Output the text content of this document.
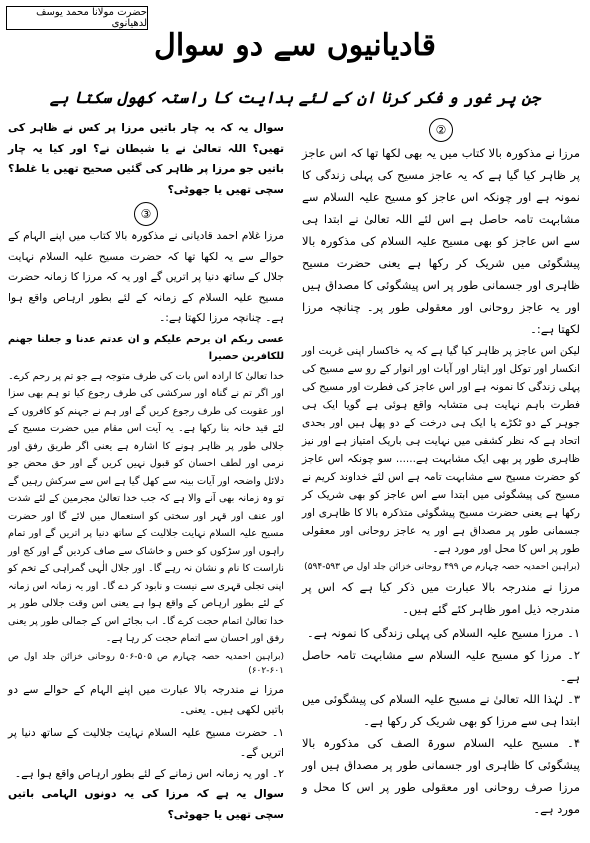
حضرت مولانا محمد یوسف لدھیانوی
قادیانیوں سے دو سوال
جن پر غور و فکر کرنا ان کے لئے ہدایت کا راستہ کھول سکتا ہے
②

مرزا نے مذکورہ بالا کتاب میں یہ بھی لکھا تھا کہ اس عاجز پر ظاہر کیا گیا ہے کہ یہ عاجز مسیح کی پہلی زندگی کا نمونہ ہے اور چونکہ اس عاجز کو مسیح علیہ السلام سے مشابہت تامہ حاصل ہے اس لئے اللہ تعالیٰ نے ابتدا ہی سے اس عاجز کو بھی مسیح علیہ السلام کی مذکورہ بالا پیشگوئی میں شریک کر رکھا ہے یعنی حضرت مسیح ظاہری اور جسمانی طور پر اس پیشگوئی کا مصداق ہیں اور یہ عاجز روحانی اور معقولی طور پر۔ چنانچہ مرزا لکھتا ہے:۔

لیکن اس عاجز پر ظاہر کیا گیا ہے کہ یہ خاکسار اپنی غربت اور انکسار اور توکل اور ایثار اور آیات اور انوار کے رو سے مسیح کی پہلی زندگی کا نمونہ ہے اور اس عاجز کی فطرت اور مسیح کی فطرت باہم نہایت ہی متشابہ واقع ہوئی ہے گویا ایک ہی جوہر کے دو ٹکڑے یا ایک ہی درخت کے دو پھل ہیں اور بحدی اتحاد ہے کہ نظر کشفی میں نہایت ہی باریک امتیاز ہے اور نیز ظاہری طور پر بھی ایک مشابہت ہے...... سو چونکہ اس عاجز کو حضرت مسیح سے مشابہت تامہ ہے اس لئے خداوند کریم نے مسیح کی پیشگوئی میں ابتدا سے اس عاجز کو بھی شریک کر رکھا ہے یعنی حضرت مسیح پیشگوئی متذکرہ بالا کا ظاہری اور جسمانی طور پر مصداق ہے اور یہ عاجز روحانی اور معقولی طور پر اس کا محل اور مورد ہے۔

(براہین احمدیہ حصہ چہارم ص ۴۹۹ روحانی خزائن جلد اول ص ۵۹۳-۵۹۴)

مرزا نے مندرجہ بالا عبارت میں ذکر کیا ہے کہ اس پر مندرجہ ذیل امور ظاہر کئے گئے ہیں۔

۱۔ مرزا مسیح علیہ السلام کی پہلی زندگی کا نمونہ ہے۔

۲۔ مرزا کو مسیح علیہ السلام سے مشابہت تامہ حاصل ہے۔

۳۔ لہٰذا اللہ تعالیٰ نے مسیح علیہ السلام کی پیشگوئی میں ابتدا ہی سے مرزا کو بھی شریک کر رکھا ہے۔

۴۔ مسیح علیہ السلام سورۃ الصف کی مذکورہ بالا پیشگوئی کا ظاہری اور جسمانی طور پر مصداق ہیں اور مرزا صرف روحانی اور معقولی طور پر اس کا محل و مورد ہے۔

سوال یہ کہ یہ چار باتیں مرزا پر کس نے ظاہر کی تھیں؟ اللہ تعالیٰ نے یا شیطان نے؟ اور کیا یہ چار باتیں جو مرزا پر ظاہر کی گئیں صحیح تھیں یا غلط؟ سچی تھیں یا جھوٹی؟

③

مرزا غلام احمد قادیانی نے مذکورہ بالا کتاب میں اپنے الہام کے حوالے سے یہ لکھا تھا کہ حضرت مسیح علیہ السلام نہایت جلال کے ساتھ دنیا پر اتریں گے اور یہ کہ مرزا کا زمانہ حضرت مسیح علیہ السلام کے زمانہ کے لئے بطور ارہاص واقع ہوا ہے۔ چنانچہ مرزا لکھتا ہے:۔

عسى ربكم ان يرحم عليكم و ان عدتم عدنا و جعلنا جهنم للكافرين حصيرا

خدا تعالیٰ کا ارادہ اس بات کی طرف متوجہ ہے جو تم پر رحم کرے۔ اور اگر تم نے گناہ اور سرکشی کی طرف رجوع کیا تو ہم بھی سزا اور عقوبت کی طرف رجوع کریں گے اور ہم نے جہنم کو کافروں کے لئے قید خانہ بنا رکھا ہے۔ یہ آیت اس مقام میں حضرت مسیح کے جلالی طور پر ظاہر ہونے کا اشارہ ہے یعنی اگر طریق رفق اور نرمی اور لطف احسان کو قبول نہیں کریں گے اور حق محض جو دلائل واضحہ اور آیات بینہ سے کھل گیا ہے اس سے سرکش رہیں گے تو وہ زمانہ بھی آنے والا ہے کہ جب خدا تعالیٰ مجرمین کے لئے شدت اور عنف اور قہر اور سختی کو استعمال میں لائے گا اور حضرت مسیح علیہ السلام نہایت جلالیت کے ساتھ دنیا پر اتریں گے اور تمام راہوں اور سڑکوں کو خس و خاشاک سے صاف کردیں گے اور کج اور ناراست کا نام و نشان نہ رہے گا۔ اور جلال الٰہی گمراہی کے تخم کو اپنی تجلی قہری سے نیست و نابود کر دے گا۔ اور یہ زمانہ اس زمانہ کے لئے بطور ارہاص کے واقع ہوا ہے یعنی اس وقت جلالی طور پر خدا تعالیٰ اتمام حجت کرے گا۔ اب بجائے اس کے جمالی طور پر یعنی رفق اور احسان سے اتمام حجت کر رہا ہے۔

(براہین احمدیہ حصہ چہارم ص ۵۰۵-۵۰۶ روحانی خزائن جلد اول ص ۶۰۱-۶۰۲)

مرزا نے مندرجہ بالا عبارت میں اپنے الہام کے حوالے سے دو باتیں لکھی ہیں۔ یعنی۔

۱۔ حضرت مسیح علیہ السلام نہایت جلالیت کے ساتھ دنیا پر اتریں گے۔

۲۔ اور یہ زمانہ اس زمانے کے لئے بطور ارہاص واقع ہوا ہے۔

سوال یہ ہے کہ مرزا کی یہ دونوں الہامی باتیں سچی تھیں یا جھوٹی؟
